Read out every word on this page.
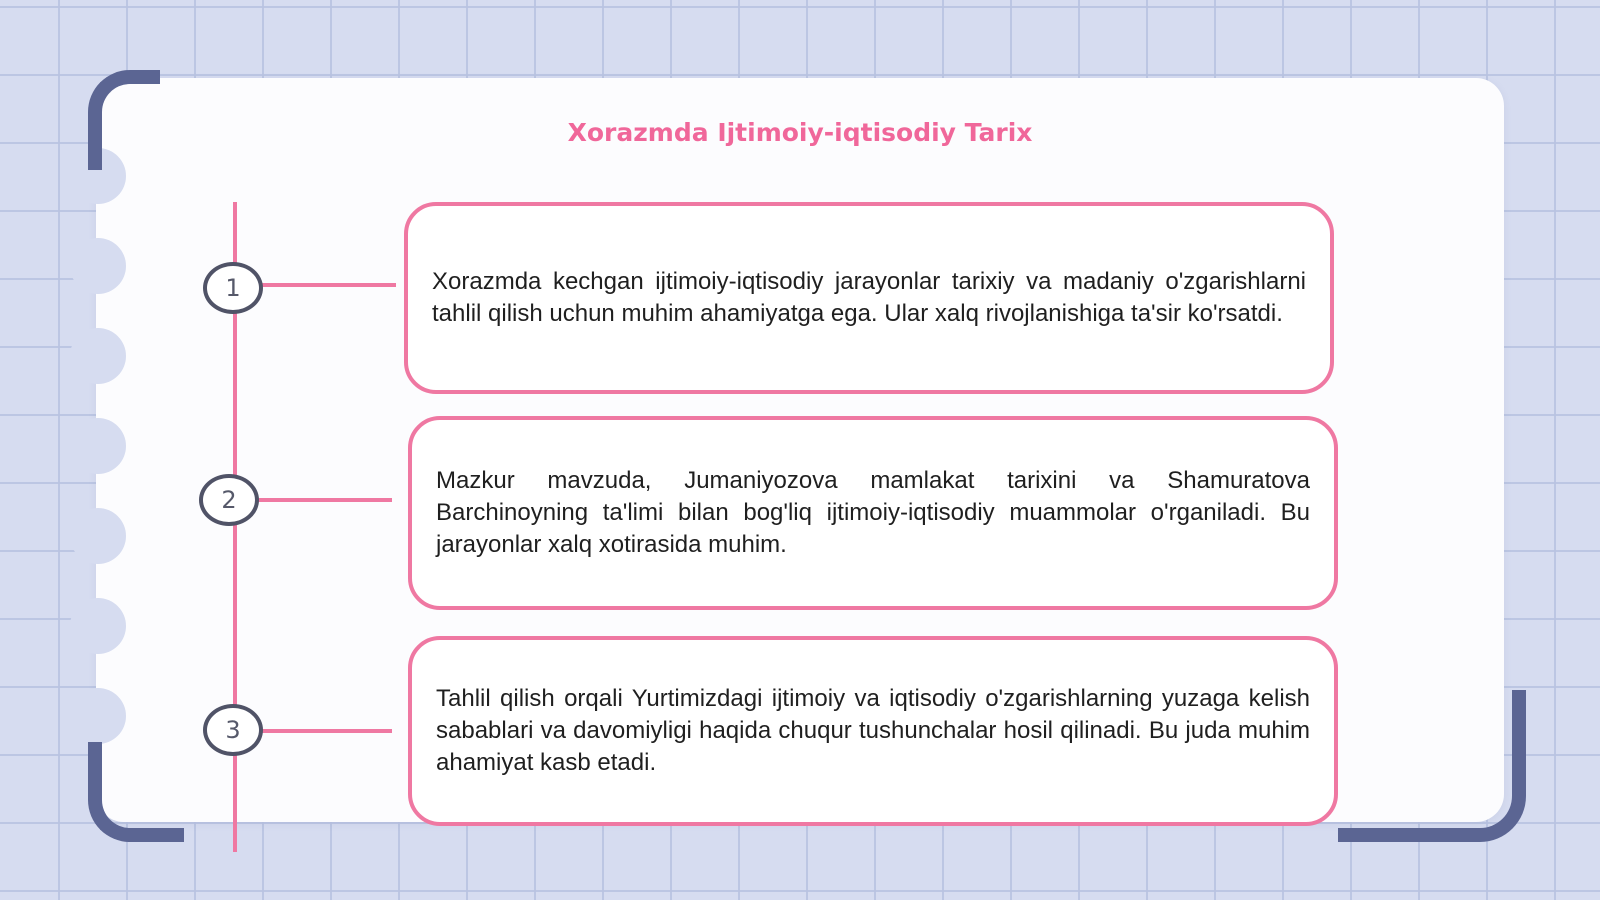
Xorazmda Ijtimoiy-iqtisodiy Tarix
1
2
3

Xorazmda kechgan ijtimoiy-iqtisodiy jarayonlar tarixiy va madaniy o'zgarishlarni tahlil qilish uchun muhim ahamiyatga ega. Ular xalq rivojlanishiga ta'sir ko'rsatdi.

Mazkur mavzuda, Jumaniyozova mamlakat tarixini va Shamuratova Barchinoyning ta'limi bilan bog'liq ijtimoiy-iqtisodiy muammolar o'rganiladi. Bu jarayonlar xalq xotirasida muhim.

Tahlil qilish orqali Yurtimizdagi ijtimoiy va iqtisodiy o'zgarishlarning yuzaga kelish sabablari va davomiyligi haqida chuqur tushunchalar hosil qilinadi. Bu juda muhim ahamiyat kasb etadi.
